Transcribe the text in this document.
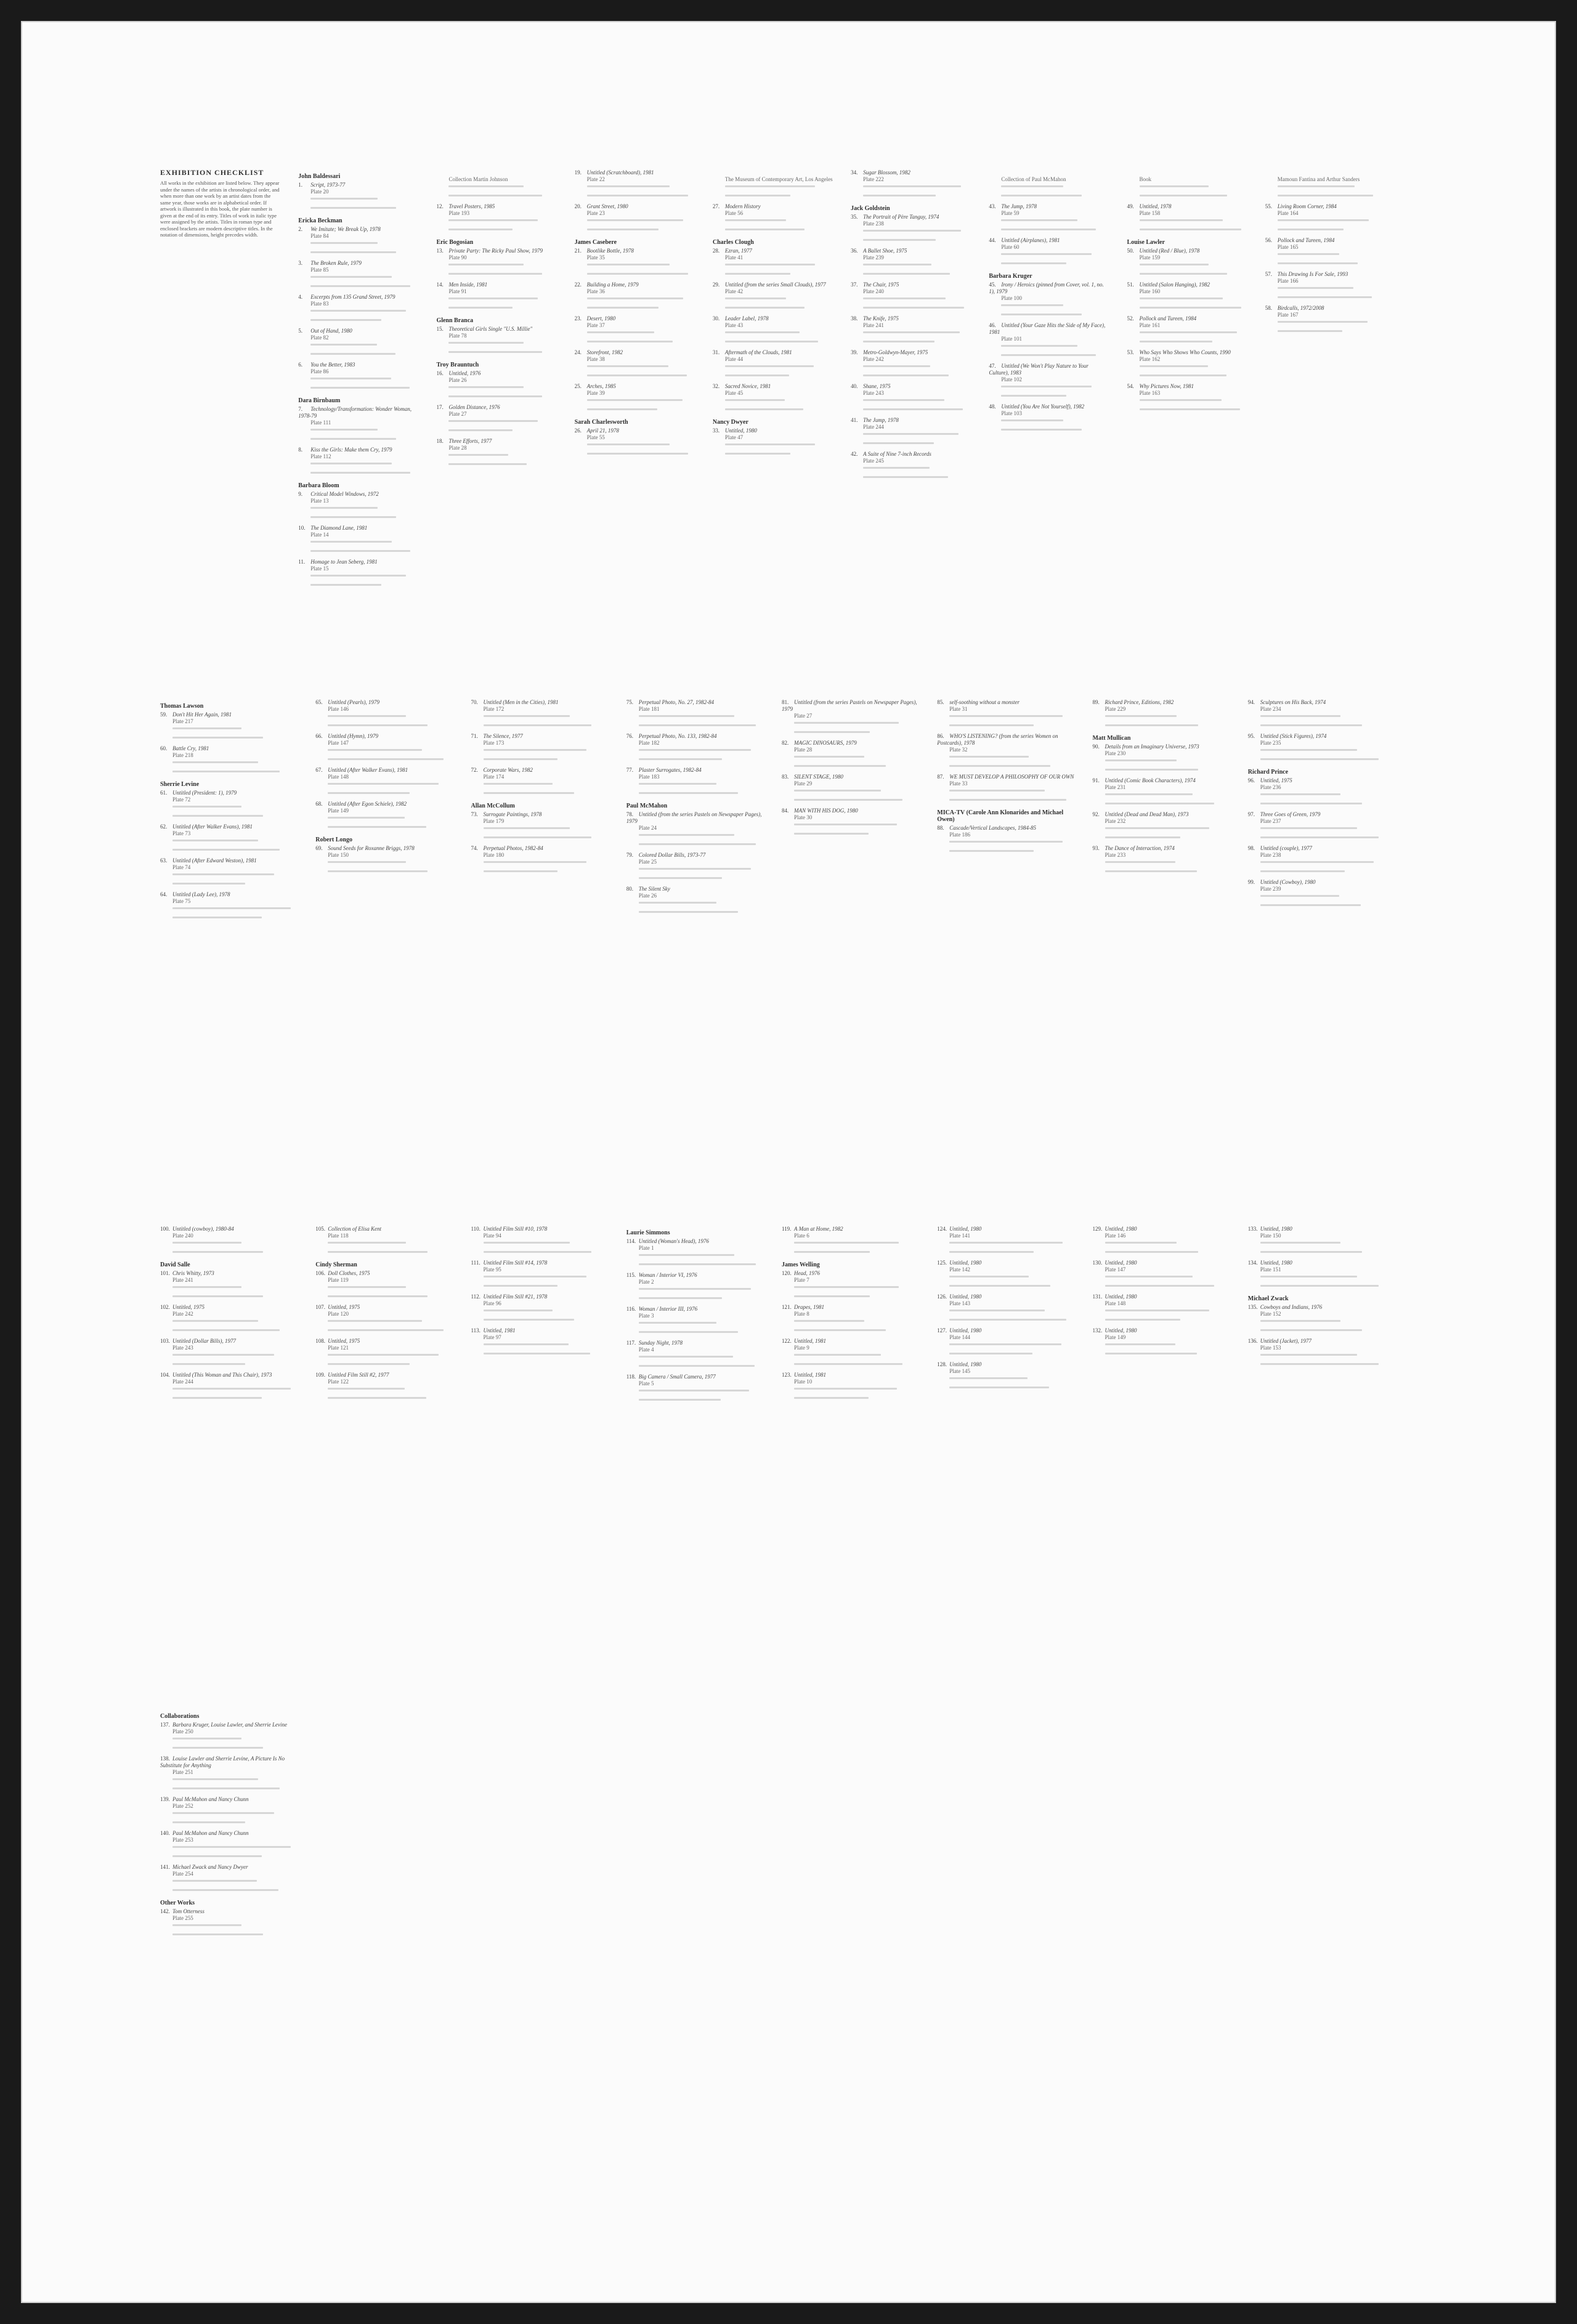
EXHIBITION CHECKLIST
All works in the exhibition are listed below. They appear under the names of the artists in chronological order, and when more than one work by an artist dates from the same year, those works are in alphabetical order. If artwork is illustrated in this book, the plate number is given at the end of its entry. Titles of work in italic type were assigned by the artists. Titles in roman type and enclosed brackets are modern descriptive titles. In the notation of dimensions, height precedes width.
John Baldessari
1. Script, 1973-77
Plate 20
Ericka Beckman
2. We Imitate; We Break Up, 1978
Plate 84
3. The Broken Rule, 1979
Plate 85
4. Excerpts from 135 Grand Street, 1979
Plate 83
5. Out of Hand, 1980
Plate 82
6. You the Better, 1983
Plate 86
Dara Birnbaum
7. Technology/Transformation: Wonder Woman, 1978-79
Plate 111
8. Kiss the Girls: Make them Cry, 1979
Plate 112
Barbara Bloom
9. Critical Model Windows, 1972
Plate 13
10. The Diamond Lane, 1981
Plate 14
11. Homage to Jean Seberg, 1981
Plate 15
Collection Martin Johnson
12. Travel Posters, 1985
Plate 193
Eric Bogosian
13. Private Party: The Ricky Paul Show, 1979
Plate 90
14. Men Inside, 1981
Plate 91
Glenn Branca
15. Theoretical Girls Single "U.S. Millie"
Plate 78
Troy Brauntuch
16. Untitled, 1976
Plate 26
17. Golden Distance, 1976
Plate 27
18. Three Efforts, 1977
Plate 28
19. Untitled (Scratchboard), 1981
Plate 22
20. Grant Street, 1980
Plate 23
James Casebere
21. Bootlike Bottle, 1978
Plate 35
22. Building a Home, 1979
Plate 36
23. Desert, 1980
Plate 37
24. Storefront, 1982
Plate 38
25. Arches, 1985
Plate 39
Sarah Charlesworth
26. April 21, 1978
Plate 55
The Museum of Contemporary Art, Los Angeles
27. Modern History
Plate 56
Charles Clough
28. Ezran, 1977
Plate 41
29. Untitled (from the series Small Clouds), 1977
Plate 42
30. Leader Label, 1978
Plate 43
31. Aftermath of the Clouds, 1981
Plate 44
32. Sacred Novice, 1981
Plate 45
Nancy Dwyer
33. Untitled, 1980
Plate 47
34. Sugar Blossom, 1982
Plate 222
Jack Goldstein
35. The Portrait of Père Tanguy, 1974
Plate 238
36. A Ballet Shoe, 1975
Plate 239
37. The Chair, 1975
Plate 240
38. The Knife, 1975
Plate 241
39. Metro-Goldwyn-Mayer, 1975
Plate 242
40. Shane, 1975
Plate 243
41. The Jump, 1978
Plate 244
42. A Suite of Nine 7-inch Records
Plate 245
Collection of Paul McMahon
43. The Jump, 1978
Plate 59
44. Untitled (Airplanes), 1981
Plate 60
Barbara Kruger
45. Irony / Heroics (pinned from Cover, vol. 1, no. 1), 1979
Plate 100
46. Untitled (Your Gaze Hits the Side of My Face), 1981
Plate 101
47. Untitled (We Won't Play Nature to Your Culture), 1983
Plate 102
48. Untitled (You Are Not Yourself), 1982
Plate 103
Book
49. Untitled, 1978
Plate 158
Louise Lawler
50. Untitled (Red / Blue), 1978
Plate 159
51. Untitled (Salon Hanging), 1982
Plate 160
52. Pollock and Tureen, 1984
Plate 161
53. Who Says Who Shows Who Counts, 1990
Plate 162
54. Why Pictures Now, 1981
Plate 163
Mamoun Fantina and Arthur Sanders
55. Living Room Corner, 1984
Plate 164
56. Pollock and Tureen, 1984
Plate 165
57. This Drawing Is For Sale, 1993
Plate 166
58. Birdcalls, 1972/2008
Plate 167
Thomas Lawson
59. Don't Hit Her Again, 1981
Plate 217
60. Battle Cry, 1981
Plate 218
Sherrie Levine
61. Untitled (President: 1), 1979
Plate 72
62. Untitled (After Walker Evans), 1981
Plate 73
63. Untitled (After Edward Weston), 1981
Plate 74
64. Untitled (Lady Lee), 1978
Plate 75
65. Untitled (Pearls), 1979
Plate 146
66. Untitled (Hymn), 1979
Plate 147
67. Untitled (After Walker Evans), 1981
Plate 148
68. Untitled (After Egon Schiele), 1982
Plate 149
Robert Longo
69. Sound Seeds for Roxanne Briggs, 1978
Plate 150
70. Untitled (Men in the Cities), 1981
Plate 172
71. The Silence, 1977
Plate 173
72. Corporate Wars, 1982
Plate 174
Allan McCollum
73. Surrogate Paintings, 1978
Plate 179
74. Perpetual Photos, 1982-84
Plate 180
75. Perpetual Photo, No. 27, 1982-84
Plate 181
76. Perpetual Photo, No. 133, 1982-84
Plate 182
77. Plaster Surrogates, 1982-84
Plate 183
Paul McMahon
78. Untitled (from the series Pastels on Newspaper Pages), 1979
Plate 24
79. Colored Dollar Bills, 1973-77
Plate 25
80. The Silent Sky
Plate 26
81. Untitled (from the series Pastels on Newspaper Pages), 1979
Plate 27
82. MAGIC DINOSAURS, 1979
Plate 28
83. SILENT STAGE, 1980
Plate 29
84. MAN WITH HIS DOG, 1980
Plate 30
85. self-soothing without a monster
Plate 31
86. WHO'S LISTENING? (from the series Women on Postcards), 1978
Plate 32
87. WE MUST DEVELOP A PHILOSOPHY OF OUR OWN
Plate 33
MICA-TV (Carole Ann Klonarides and Michael Owen)
88. Cascade/Vertical Landscapes, 1984-85
Plate 186
89. Richard Prince, Editions, 1982
Plate 229
Matt Mullican
90. Details from an Imaginary Universe, 1973
Plate 230
91. Untitled (Comic Book Characters), 1974
Plate 231
92. Untitled (Dead and Dead Man), 1973
Plate 232
93. The Dance of Interaction, 1974
Plate 233
94. Sculptures on His Back, 1974
Plate 234
95. Untitled (Stick Figures), 1974
Plate 235
Richard Prince
96. Untitled, 1975
Plate 236
97. Three Goes of Green, 1979
Plate 237
98. Untitled (couple), 1977
Plate 238
99. Untitled (Cowboy), 1980
Plate 239
100. Untitled (cowboy), 1980-84
Plate 240
David Salle
101. Chris Whitty, 1973
Plate 241
102. Untitled, 1975
Plate 242
103. Untitled (Dollar Bills), 1977
Plate 243
104. Untitled (This Woman and This Chair), 1973
Plate 244
105. Collection of Elisa Kent
Plate 118
Cindy Sherman
106. Doll Clothes, 1975
Plate 119
107. Untitled, 1975
Plate 120
108. Untitled, 1975
Plate 121
109. Untitled Film Still #2, 1977
Plate 122
110. Untitled Film Still #10, 1978
Plate 94
111. Untitled Film Still #14, 1978
Plate 95
112. Untitled Film Still #21, 1978
Plate 96
113. Untitled, 1981
Plate 97
Laurie Simmons
114. Untitled (Woman's Head), 1976
Plate 1
115. Woman / Interior VI, 1976
Plate 2
116. Woman / Interior III, 1976
Plate 3
117. Sunday Night, 1978
Plate 4
118. Big Camera / Small Camera, 1977
Plate 5
119. A Man at Home, 1982
Plate 6
James Welling
120. Head, 1976
Plate 7
121. Drapes, 1981
Plate 8
122. Untitled, 1981
Plate 9
123. Untitled, 1981
Plate 10
124. Untitled, 1980
Plate 141
125. Untitled, 1980
Plate 142
126. Untitled, 1980
Plate 143
127. Untitled, 1980
Plate 144
128. Untitled, 1980
Plate 145
129. Untitled, 1980
Plate 146
130. Untitled, 1980
Plate 147
131. Untitled, 1980
Plate 148
132. Untitled, 1980
Plate 149
133. Untitled, 1980
Plate 150
134. Untitled, 1980
Plate 151
Michael Zwack
135. Cowboys and Indians, 1976
Plate 152
136. Untitled (Jacket), 1977
Plate 153
Collaborations
137. Barbara Kruger, Louise Lawler, and Sherrie Levine
Plate 250
138. Louise Lawler and Sherrie Levine, A Picture Is No Substitute for Anything
Plate 251
139. Paul McMahon and Nancy Chunn
Plate 252
140. Paul McMahon and Nancy Chunn
Plate 253
141. Michael Zwack and Nancy Dwyer
Plate 254
Other Works
142. Tom Otterness
Plate 255
